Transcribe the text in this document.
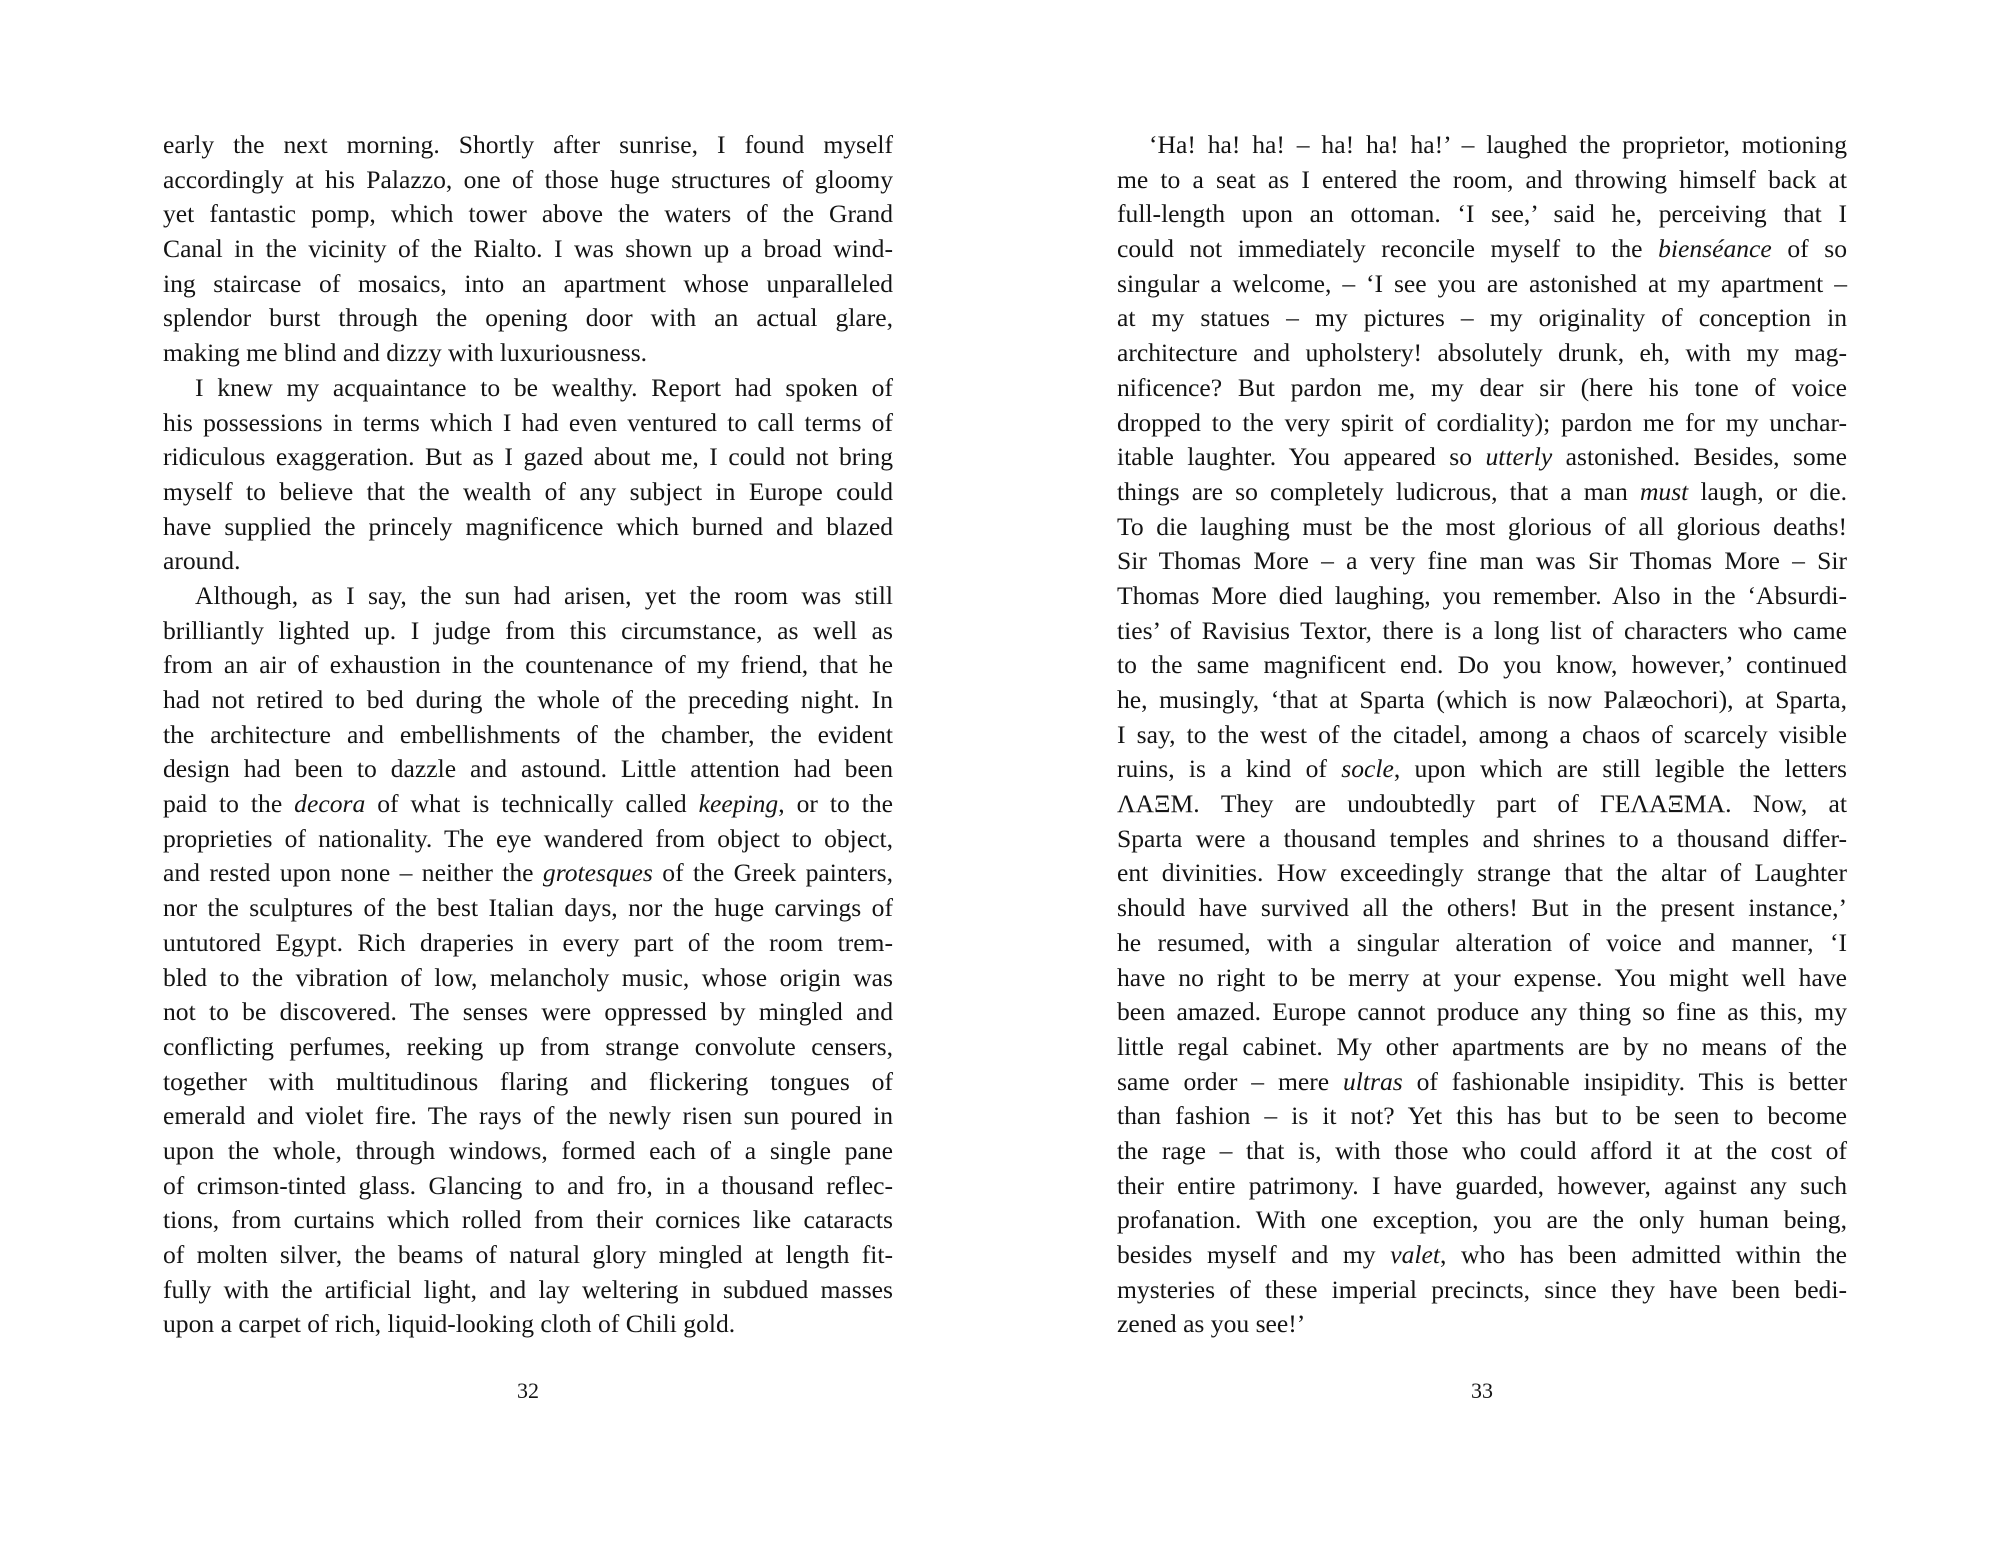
early the next morning. Shortly after sunrise, I found myself
accordingly at his Palazzo, one of those huge structures of gloomy
yet fantastic pomp, which tower above the waters of the Grand
Canal in the vicinity of the Rialto. I was shown up a broad wind-
ing staircase of mosaics, into an apartment whose unparalleled
splendor burst through the opening door with an actual glare,
making me blind and dizzy with luxuriousness.
I knew my acquaintance to be wealthy. Report had spoken of
his possessions in terms which I had even ventured to call terms of
ridiculous exaggeration. But as I gazed about me, I could not bring
myself to believe that the wealth of any subject in Europe could
have supplied the princely magnificence which burned and blazed
around.
Although, as I say, the sun had arisen, yet the room was still
brilliantly lighted up. I judge from this circumstance, as well as
from an air of exhaustion in the countenance of my friend, that he
had not retired to bed during the whole of the preceding night. In
the architecture and embellishments of the chamber, the evident
design had been to dazzle and astound. Little attention had been
paid to the decora of what is technically called keeping, or to the
proprieties of nationality. The eye wandered from object to object,
and rested upon none – neither the grotesques of the Greek painters,
nor the sculptures of the best Italian days, nor the huge carvings of
untutored Egypt. Rich draperies in every part of the room trem-
bled to the vibration of low, melancholy music, whose origin was
not to be discovered. The senses were oppressed by mingled and
conflicting perfumes, reeking up from strange convolute censers,
together with multitudinous flaring and flickering tongues of
emerald and violet fire. The rays of the newly risen sun poured in
upon the whole, through windows, formed each of a single pane
of crimson-tinted glass. Glancing to and fro, in a thousand reflec-
tions, from curtains which rolled from their cornices like cataracts
of molten silver, the beams of natural glory mingled at length fit-
fully with the artificial light, and lay weltering in subdued masses
upon a carpet of rich, liquid-looking cloth of Chili gold.
32
‘Ha! ha! ha! – ha! ha! ha!’ – laughed the proprietor, motioning
me to a seat as I entered the room, and throwing himself back at
full-length upon an ottoman. ‘I see,’ said he, perceiving that I
could not immediately reconcile myself to the bienséance of so
singular a welcome, – ‘I see you are astonished at my apartment –
at my statues – my pictures – my originality of conception in
architecture and upholstery! absolutely drunk, eh, with my mag-
nificence? But pardon me, my dear sir (here his tone of voice
dropped to the very spirit of cordiality); pardon me for my unchar-
itable laughter. You appeared so utterly astonished. Besides, some
things are so completely ludicrous, that a man must laugh, or die.
To die laughing must be the most glorious of all glorious deaths!
Sir Thomas More – a very fine man was Sir Thomas More – Sir
Thomas More died laughing, you remember. Also in the ‘Absurdi-
ties’ of Ravisius Textor, there is a long list of characters who came
to the same magnificent end. Do you know, however,’ continued
he, musingly, ‘that at Sparta (which is now Palæochori), at Sparta,
I say, to the west of the citadel, among a chaos of scarcely visible
ruins, is a kind of socle, upon which are still legible the letters
ΛΑΞΜ. They are undoubtedly part of ΓΕΛΑΞΜΑ. Now, at
Sparta were a thousand temples and shrines to a thousand differ-
ent divinities. How exceedingly strange that the altar of Laughter
should have survived all the others! But in the present instance,’
he resumed, with a singular alteration of voice and manner, ‘I
have no right to be merry at your expense. You might well have
been amazed. Europe cannot produce any thing so fine as this, my
little regal cabinet. My other apartments are by no means of the
same order – mere ultras of fashionable insipidity. This is better
than fashion – is it not? Yet this has but to be seen to become
the rage – that is, with those who could afford it at the cost of
their entire patrimony. I have guarded, however, against any such
profanation. With one exception, you are the only human being,
besides myself and my valet, who has been admitted within the
mysteries of these imperial precincts, since they have been bedi-
zened as you see!’
33
